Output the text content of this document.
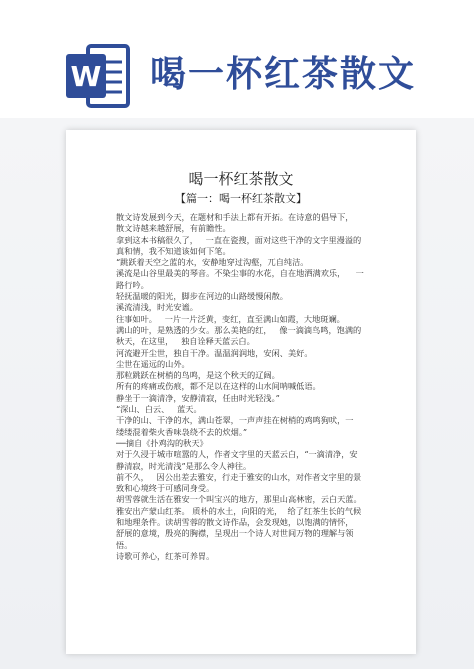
W 喝一杯红茶散文
喝一杯红茶散文
【篇一：喝一杯红茶散文】
散文诗发展到今天，在题材和手法上都有开拓。在诗意的倡导下，
散文诗越来越舒展，有前瞻性。
拿到这本书稿很久了，   一直在瓷搜，面对这些干净的文字里漫溢的
真和情，我不知道该如何下笔。
“跳跃着天空之蓝的水，安静地穿过沟壑，兀自纯洁。
溪流是山谷里最美的琴音。不染尘事的水花，自在地洒满欢乐，    一
路行吟。
轻抚温暖的阳光，脚步在河边的山路缓慢闲散。
溪流清浅，时光安谧。
往事如叶。   一片一片泛黄，变红，直至满山如霞，大地斑斓。
满山的叶，是熟透的少女。那么美艳的红，   像一滴滴鸟鸣，饱满的
秋天，在这里，   独自诠释天蓝云白。
河流避开尘世，独自干净。温温润润地，安闲、美好。
尘世在遥远的山外。
那粒跳跃在树梢的鸟鸣，是这个秋天的辽阔。
所有的疼痛或伤痕，都不足以在这样的山水间呐喊低语。
静坐于一滴清净，安静清寂，任由时光轻浅。”
“深山、白云、   蓝天。
干净的山、干净的水，满山苍翠，一声声挂在树梢的鸡鸣狗吠，一
缕缕混着柴火香味袅绕不去的炊烟。”
──摘自《扑鸡沟的秋天》
对于久浸于城市喧嚣的人，作者文字里的天蓝云白，“一滴清净，安
静清寂，时光清浅”是那么令人神往。
前不久，   因公出差去雅安，行走于雅安的山水，对作者文字里的景
致和心境终于可感同身受。
胡雪蓉就生活在雅安一个叫宝兴的地方，那里山高林密，云白天蓝。
雅安出产蒙山红茶。 质朴的水土，向阳的光，  给了红茶生长的气候
和地理条件。读胡雪蓉的散文诗作品，会发现她，以饱满的情怀，
舒展的意境，殷亮的胸襟，呈现出一个诗人对世间万物的理解与领
悟。
诗歌可养心，红茶可养胃。
